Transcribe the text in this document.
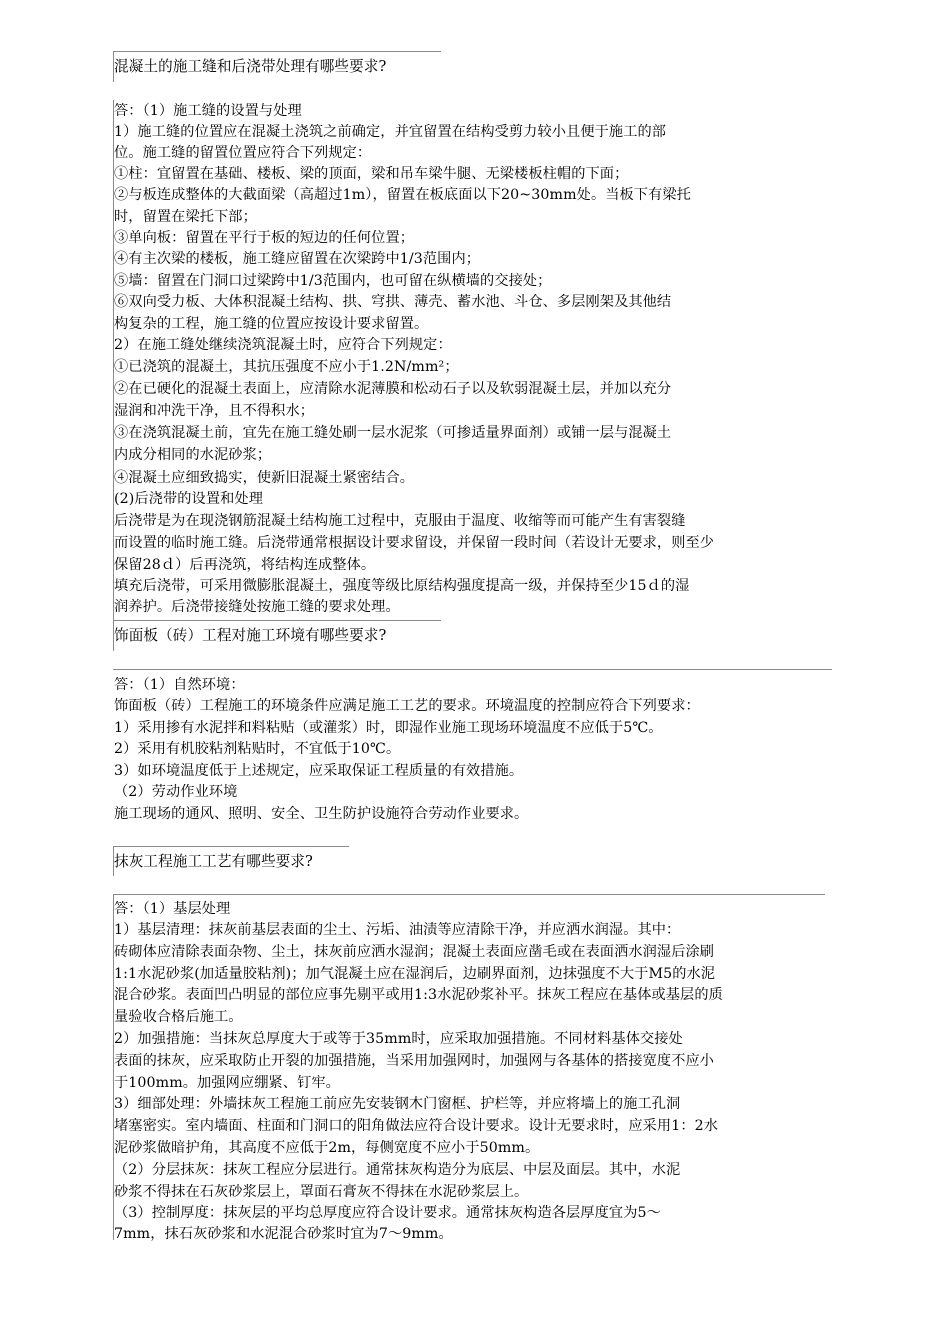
混凝土的施工缝和后浇带处理有哪些要求?
答：（1）施工缝的设置与处理
1）施工缝的位置应在混凝土浇筑之前确定，并宜留置在结构受剪力较小且便于施工的部
位。施工缝的留置位置应符合下列规定：
①柱：宜留置在基础、楼板、梁的顶面，梁和吊车梁牛腿、无梁楼板柱帽的下面；
②与板连成整体的大截面梁（高超过1m），留置在板底面以下20~30mm处。当板下有梁托
时，留置在梁托下部；
③单向板：留置在平行于板的短边的任何位置；
④有主次梁的楼板，施工缝应留置在次梁跨中1/3范围内；
⑤墙：留置在门洞口过梁跨中1/3范围内，也可留在纵横墙的交接处；
⑥双向受力板、大体积混凝土结构、拱、穹拱、薄壳、蓄水池、斗仓、多层刚架及其他结
构复杂的工程，施工缝的位置应按设计要求留置。
2）在施工缝处继续浇筑混凝土时，应符合下列规定：
①已浇筑的混凝土，其抗压强度不应小于1.2N/mm²；
②在已硬化的混凝土表面上，应清除水泥薄膜和松动石子以及软弱混凝土层，并加以充分
湿润和冲洗干净，且不得积水；
③在浇筑混凝土前，宜先在施工缝处刷一层水泥浆（可掺适量界面剂）或铺一层与混凝土
内成分相同的水泥砂浆；
④混凝土应细致捣实，使新旧混凝土紧密结合。
(2)后浇带的设置和处理
后浇带是为在现浇钢筋混凝土结构施工过程中，克服由于温度、收缩等而可能产生有害裂缝
而设置的临时施工缝。后浇带通常根据设计要求留设，并保留一段时间（若设计无要求，则至少
保留28ｄ）后再浇筑，将结构连成整体。
填充后浇带，可采用微膨胀混凝土，强度等级比原结构强度提高一级，并保持至少15ｄ的湿
润养护。后浇带接缝处按施工缝的要求处理。
饰面板（砖）工程对施工环境有哪些要求?
答：（1）自然环境：
饰面板（砖）工程施工的环境条件应满足施工工艺的要求。环境温度的控制应符合下列要求：
1）采用掺有水泥拌和料粘贴（或灌浆）时，即湿作业施工现场环境温度不应低于5℃。
2）采用有机胶粘剂粘贴时，不宜低于10℃。
3）如环境温度低于上述规定，应采取保证工程质量的有效措施。
（2）劳动作业环境
施工现场的通风、照明、安全、卫生防护设施符合劳动作业要求。
抹灰工程施工工艺有哪些要求?
答：（1）基层处理
1）基层清理：抹灰前基层表面的尘土、污垢、油渍等应清除干净，并应洒水润湿。其中：
砖砌体应清除表面杂物、尘土，抹灰前应洒水湿润；混凝土表面应凿毛或在表面洒水润湿后涂刷
1:1水泥砂浆(加适量胶粘剂)；加气混凝土应在湿润后，边刷界面剂，边抹强度不大于M5的水泥
混合砂浆。表面凹凸明显的部位应事先剔平或用1:3水泥砂浆补平。抹灰工程应在基体或基层的质
量验收合格后施工。
2）加强措施：当抹灰总厚度大于或等于35mm时，应采取加强措施。不同材料基体交接处
表面的抹灰，应采取防止开裂的加强措施，当采用加强网时，加强网与各基体的搭接宽度不应小
于100mm。加强网应绷紧、钉牢。
3）细部处理：外墙抹灰工程施工前应先安装钢木门窗框、护栏等，并应将墙上的施工孔洞
堵塞密实。室内墙面、柱面和门洞口的阳角做法应符合设计要求。设计无要求时，应采用1：2水
泥砂浆做暗护角，其高度不应低于2m，每侧宽度不应小于50mm。
（2）分层抹灰：抹灰工程应分层进行。通常抹灰构造分为底层、中层及面层。其中，水泥
砂浆不得抹在石灰砂浆层上，罩面石膏灰不得抹在水泥砂浆层上。
（3）控制厚度：抹灰层的平均总厚度应符合设计要求。通常抹灰构造各层厚度宜为5～
7mm，抹石灰砂浆和水泥混合砂浆时宜为7～9mm。
